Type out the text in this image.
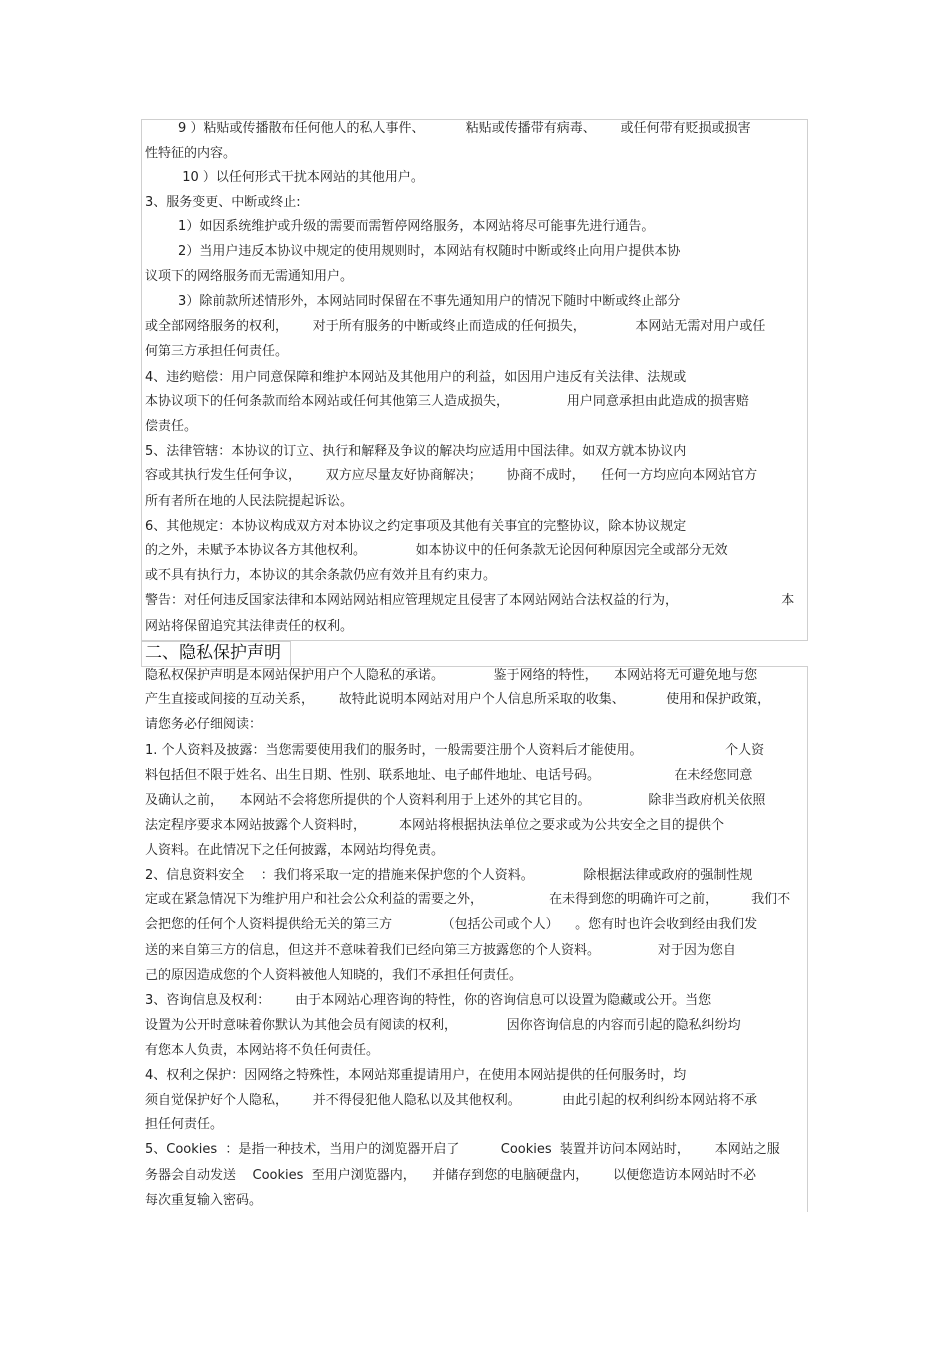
9 ）粘贴或传播散布任何他人的私人事件、          粘贴或传播带有病毒、      或任何带有贬损或损害
性特征的内容。
10 ）以任何形式干扰本网站的其他用户。
3、服务变更、中断或终止:
1）如因系统维护或升级的需要而需暂停网络服务，本网站将尽可能事先进行通告。
2）当用户违反本协议中规定的使用规则时，本网站有权随时中断或终止向用户提供本协
议项下的网络服务而无需通知用户。
3）除前款所述情形外，本网站同时保留在不事先通知用户的情况下随时中断或终止部分
或全部网络服务的权利，      对于所有服务的中断或终止而造成的任何损失，            本网站无需对用户或任
何第三方承担任何责任。
4、违约赔偿：用户同意保障和维护本网站及其他用户的利益，如因用户违反有关法律、法规或
本协议项下的任何条款而给本网站或任何其他第三人造成损失，              用户同意承担由此造成的损害赔
偿责任。
5、法律管辖：本协议的订立、执行和解释及争议的解决均应适用中国法律。如双方就本协议内
容或其执行发生任何争议，      双方应尽量友好协商解决；      协商不成时，    任何一方均应向本网站官方
所有者所在地的人民法院提起诉讼。
6、其他规定：本协议构成双方对本协议之约定事项及其他有关事宜的完整协议，除本协议规定
的之外，未赋予本协议各方其他权利。            如本协议中的任何条款无论因何种原因完全或部分无效
或不具有执行力，本协议的其余条款仍应有效并且有约束力。
警告：对任何违反国家法律和本网站网站相应管理规定且侵害了本网站网站合法权益的行为，                         本
网站将保留追究其法律责任的权利。
二、隐私保护声明
隐私权保护声明是本网站保护用户个人隐私的承诺。            鉴于网络的特性，    本网站将无可避免地与您
产生直接或间接的互动关系，      故特此说明本网站对用户个人信息所采取的收集、          使用和保护政策，
请您务必仔细阅读：
1. 个人资料及披露：当您需要使用我们的服务时，一般需要注册个人资料后才能使用。                    个人资
料包括但不限于姓名、出生日期、性别、联系地址、电子邮件地址、电话号码。                  在未经您同意
及确认之前，    本网站不会将您所提供的个人资料利用于上述外的其它目的。              除非当政府机关依照
法定程序要求本网站披露个人资料时，        本网站将根据执法单位之要求或为公共安全之目的提供个
人资料。在此情况下之任何披露，本网站均得免责。
2、信息资料安全    ：我们将采取一定的措施来保护您的个人资料。            除根据法律或政府的强制性规
定或在紧急情况下为维护用户和社会公众利益的需要之外，                在未得到您的明确许可之前，        我们不
会把您的任何个人资料提供给无关的第三方            （包括公司或个人）    。您有时也许会收到经由我们发
送的来自第三方的信息，但这并不意味着我们已经向第三方披露您的个人资料。              对于因为您自
己的原因造成您的个人资料被他人知晓的，我们不承担任何责任。
3、咨询信息及权利：      由于本网站心理咨询的特性，你的咨询信息可以设置为隐藏或公开。当您
设置为公开时意味着你默认为其他会员有阅读的权利，            因你咨询信息的内容而引起的隐私纠纷均
有您本人负责，本网站将不负任何责任。
4、权利之保护：因网络之特殊性，本网站郑重提请用户，在使用本网站提供的任何服务时，均
须自觉保护好个人隐私，      并不得侵犯他人隐私以及其他权利。          由此引起的权利纠纷本网站将不承
担任何责任。
5、Cookies  ：是指一种技术，当用户的浏览器开启了          Cookies  装置并访问本网站时，      本网站之服
务器会自动发送    Cookies  至用户浏览器内，    并储存到您的电脑硬盘内，      以便您造访本网站时不必
每次重复输入密码。
